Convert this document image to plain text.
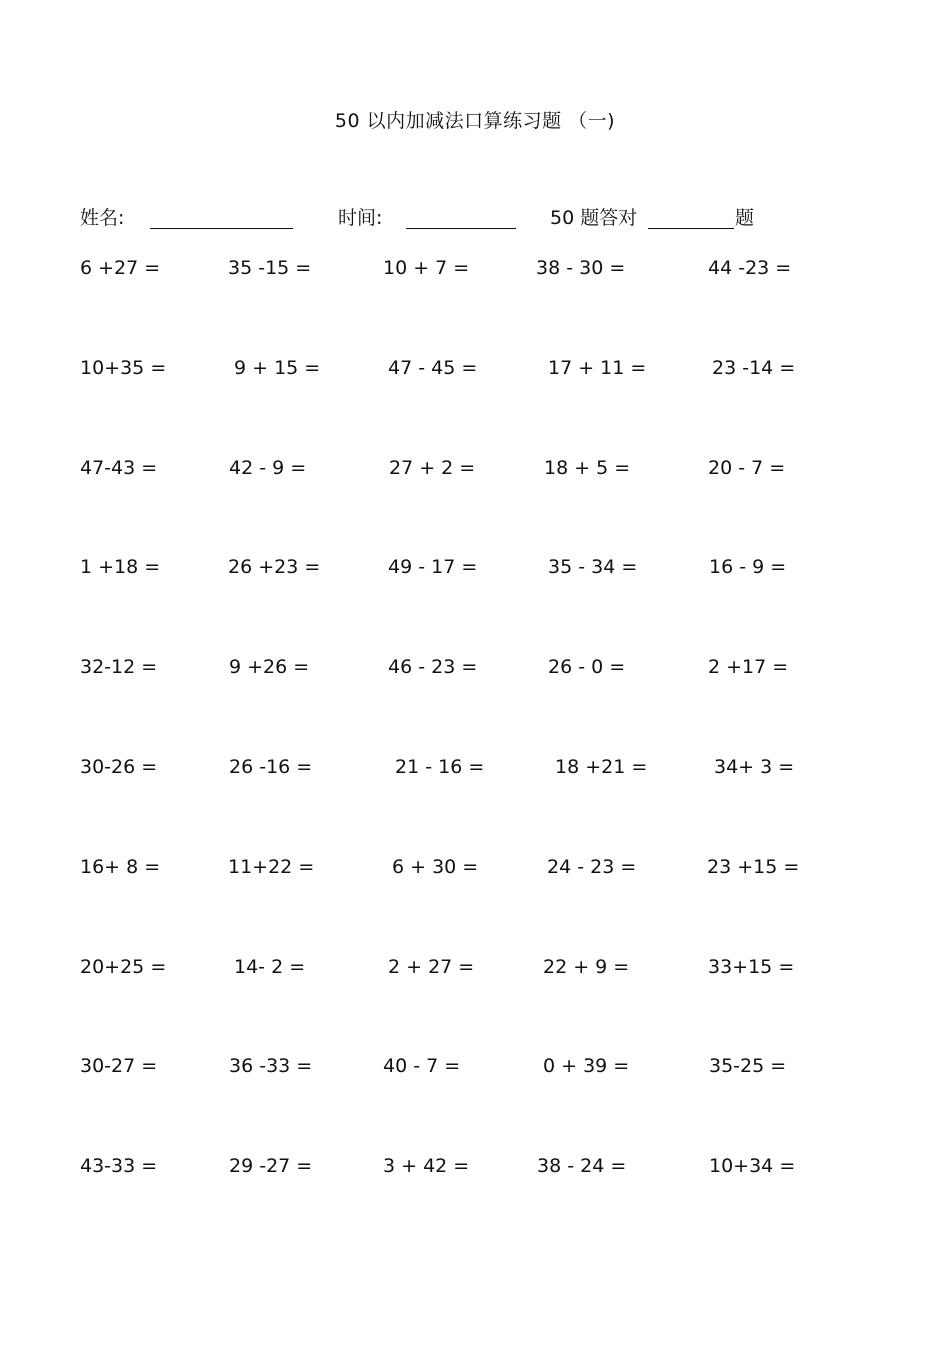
50 以内加减法口算练习题 （一)
姓名:	时间:	50 题答对	题
6 +27 =	35 -15 =	10 + 7 =	38 - 30 =	44 -23 =
10+35 =	9 + 15 =	47 - 45 =	17 + 11 =	23 -14 =
47-43 =	42 - 9 =	27 + 2 =	18 + 5 =	20 - 7 =
1 +18 =	26 +23 =	49 - 17 =	35 - 34 =	16 - 9 =
32-12 =	9 +26 =	46 - 23 =	26 - 0 =	2 +17 =
30-26 =	26 -16 =	21 - 16 =	18 +21 =	34+ 3 =
16+ 8 =	11+22 =	6 + 30 =	24 - 23 =	23 +15 =
20+25 =	14- 2 =	2 + 27 =	22 + 9 =	33+15 =
30-27 =	36 -33 =	40 - 7 =	0 + 39 =	35-25 =
43-33 =	29 -27 =	3 + 42 =	38 - 24 =	10+34 =
